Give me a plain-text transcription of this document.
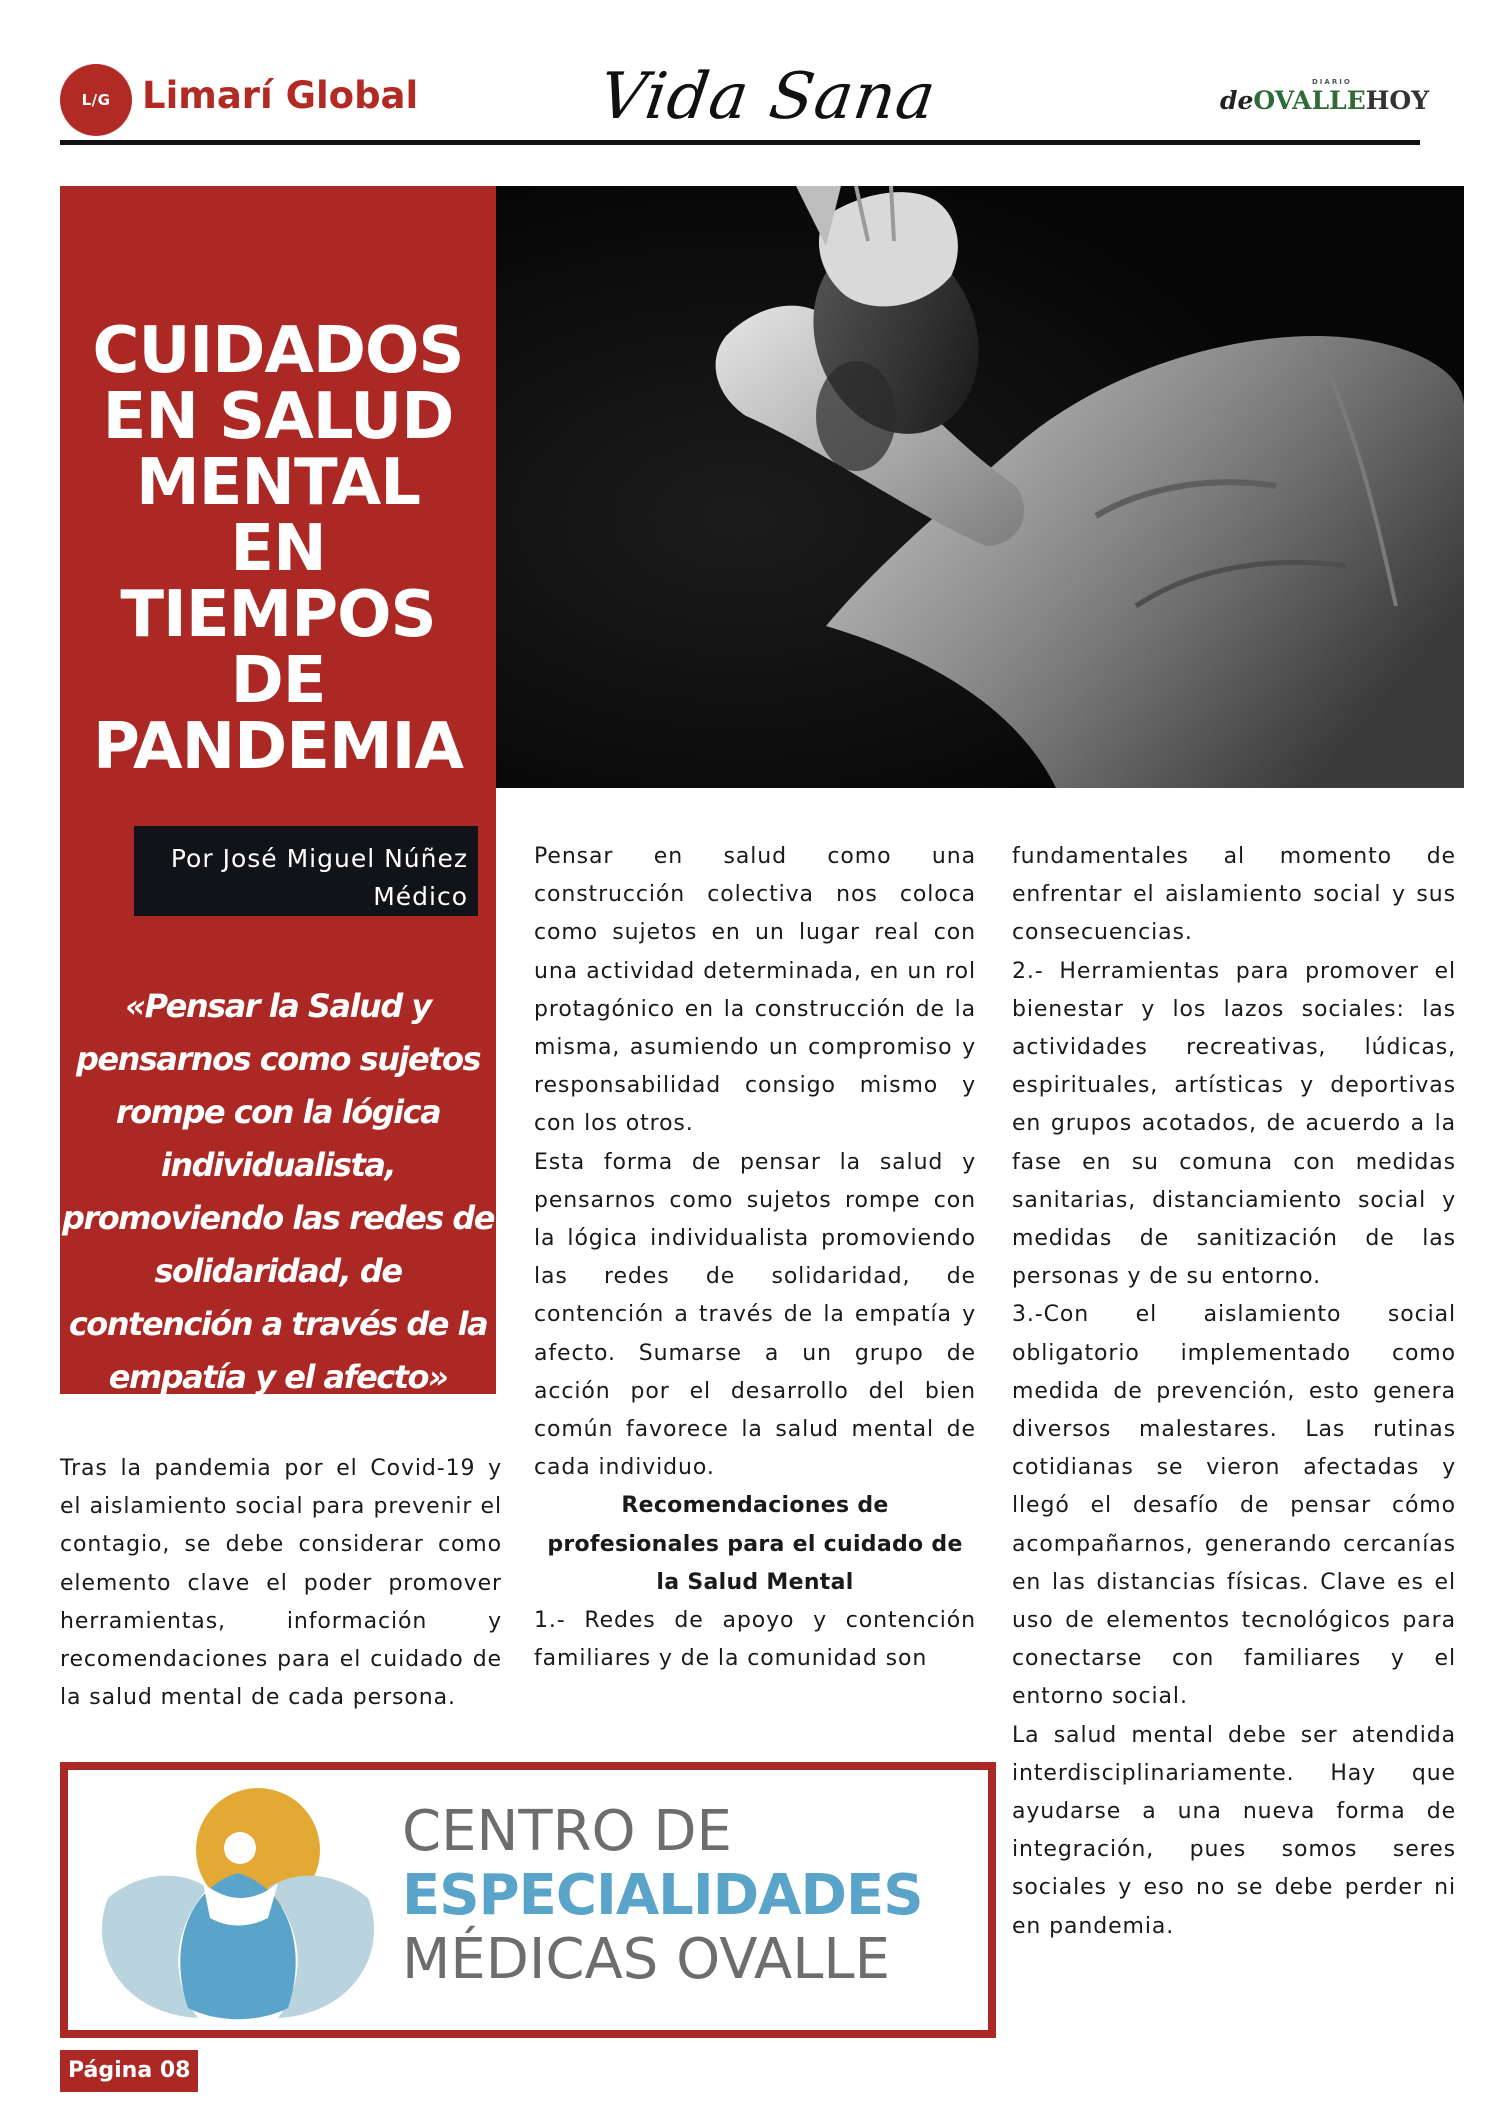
L/G Limarí Global	Vida Sana	DIARIO
deOVALLEHOY
CUIDADOS
EN SALUD
MENTAL
EN
TIEMPOS
DE
PANDEMIA
Por José Miguel Núñez
Médico
«Pensar la Salud y pensarnos como sujetos rompe con la lógica individualista, promoviendo las redes de solidaridad, de contención a través de la empatía y el afecto»

Tras la pandemia por el Covid-19 y el aislamiento social para prevenir el contagio, se debe considerar como elemento clave el poder promover herramientas, información y recomendaciones para el cuidado de la salud mental de cada persona.

Pensar en salud como una construcción colectiva nos coloca como sujetos en un lugar real con una actividad determinada, en un rol protagónico en la construcción de la misma, asumiendo un compromiso y responsabilidad consigo mismo y con los otros.

Esta forma de pensar la salud y pensarnos como sujetos rompe con la lógica individualista promoviendo las redes de solidaridad, de contención a través de la empatía y afecto. Sumarse a un grupo de acción por el desarrollo del bien común favorece la salud mental de cada individuo.

Recomendaciones de profesionales para el cuidado de la Salud Mental

1.- Redes de apoyo y contención familiares y de la comunidad son

fundamentales al momento de enfrentar el aislamiento social y sus consecuencias.

2.- Herramientas para promover el bienestar y los lazos sociales: las actividades recreativas, lúdicas, espirituales, artísticas y deportivas en grupos acotados, de acuerdo a la fase en su comuna con medidas sanitarias, distanciamiento social y medidas de sanitización de las personas y de su entorno.

3.-Con el aislamiento social obligatorio implementado como medida de prevención, esto genera diversos malestares. Las rutinas cotidianas se vieron afectadas y llegó el desafío de pensar cómo acompañarnos, generando cercanías en las distancias físicas. Clave es el uso de elementos tecnológicos para conectarse con familiares y el entorno social.

La salud mental debe ser atendida interdisciplinariamente. Hay que ayudarse a una nueva forma de integración, pues somos seres sociales y eso no se debe perder ni en pandemia.

CENTRO DE
ESPECIALIDADES
MÉDICAS OVALLE
Página 08
